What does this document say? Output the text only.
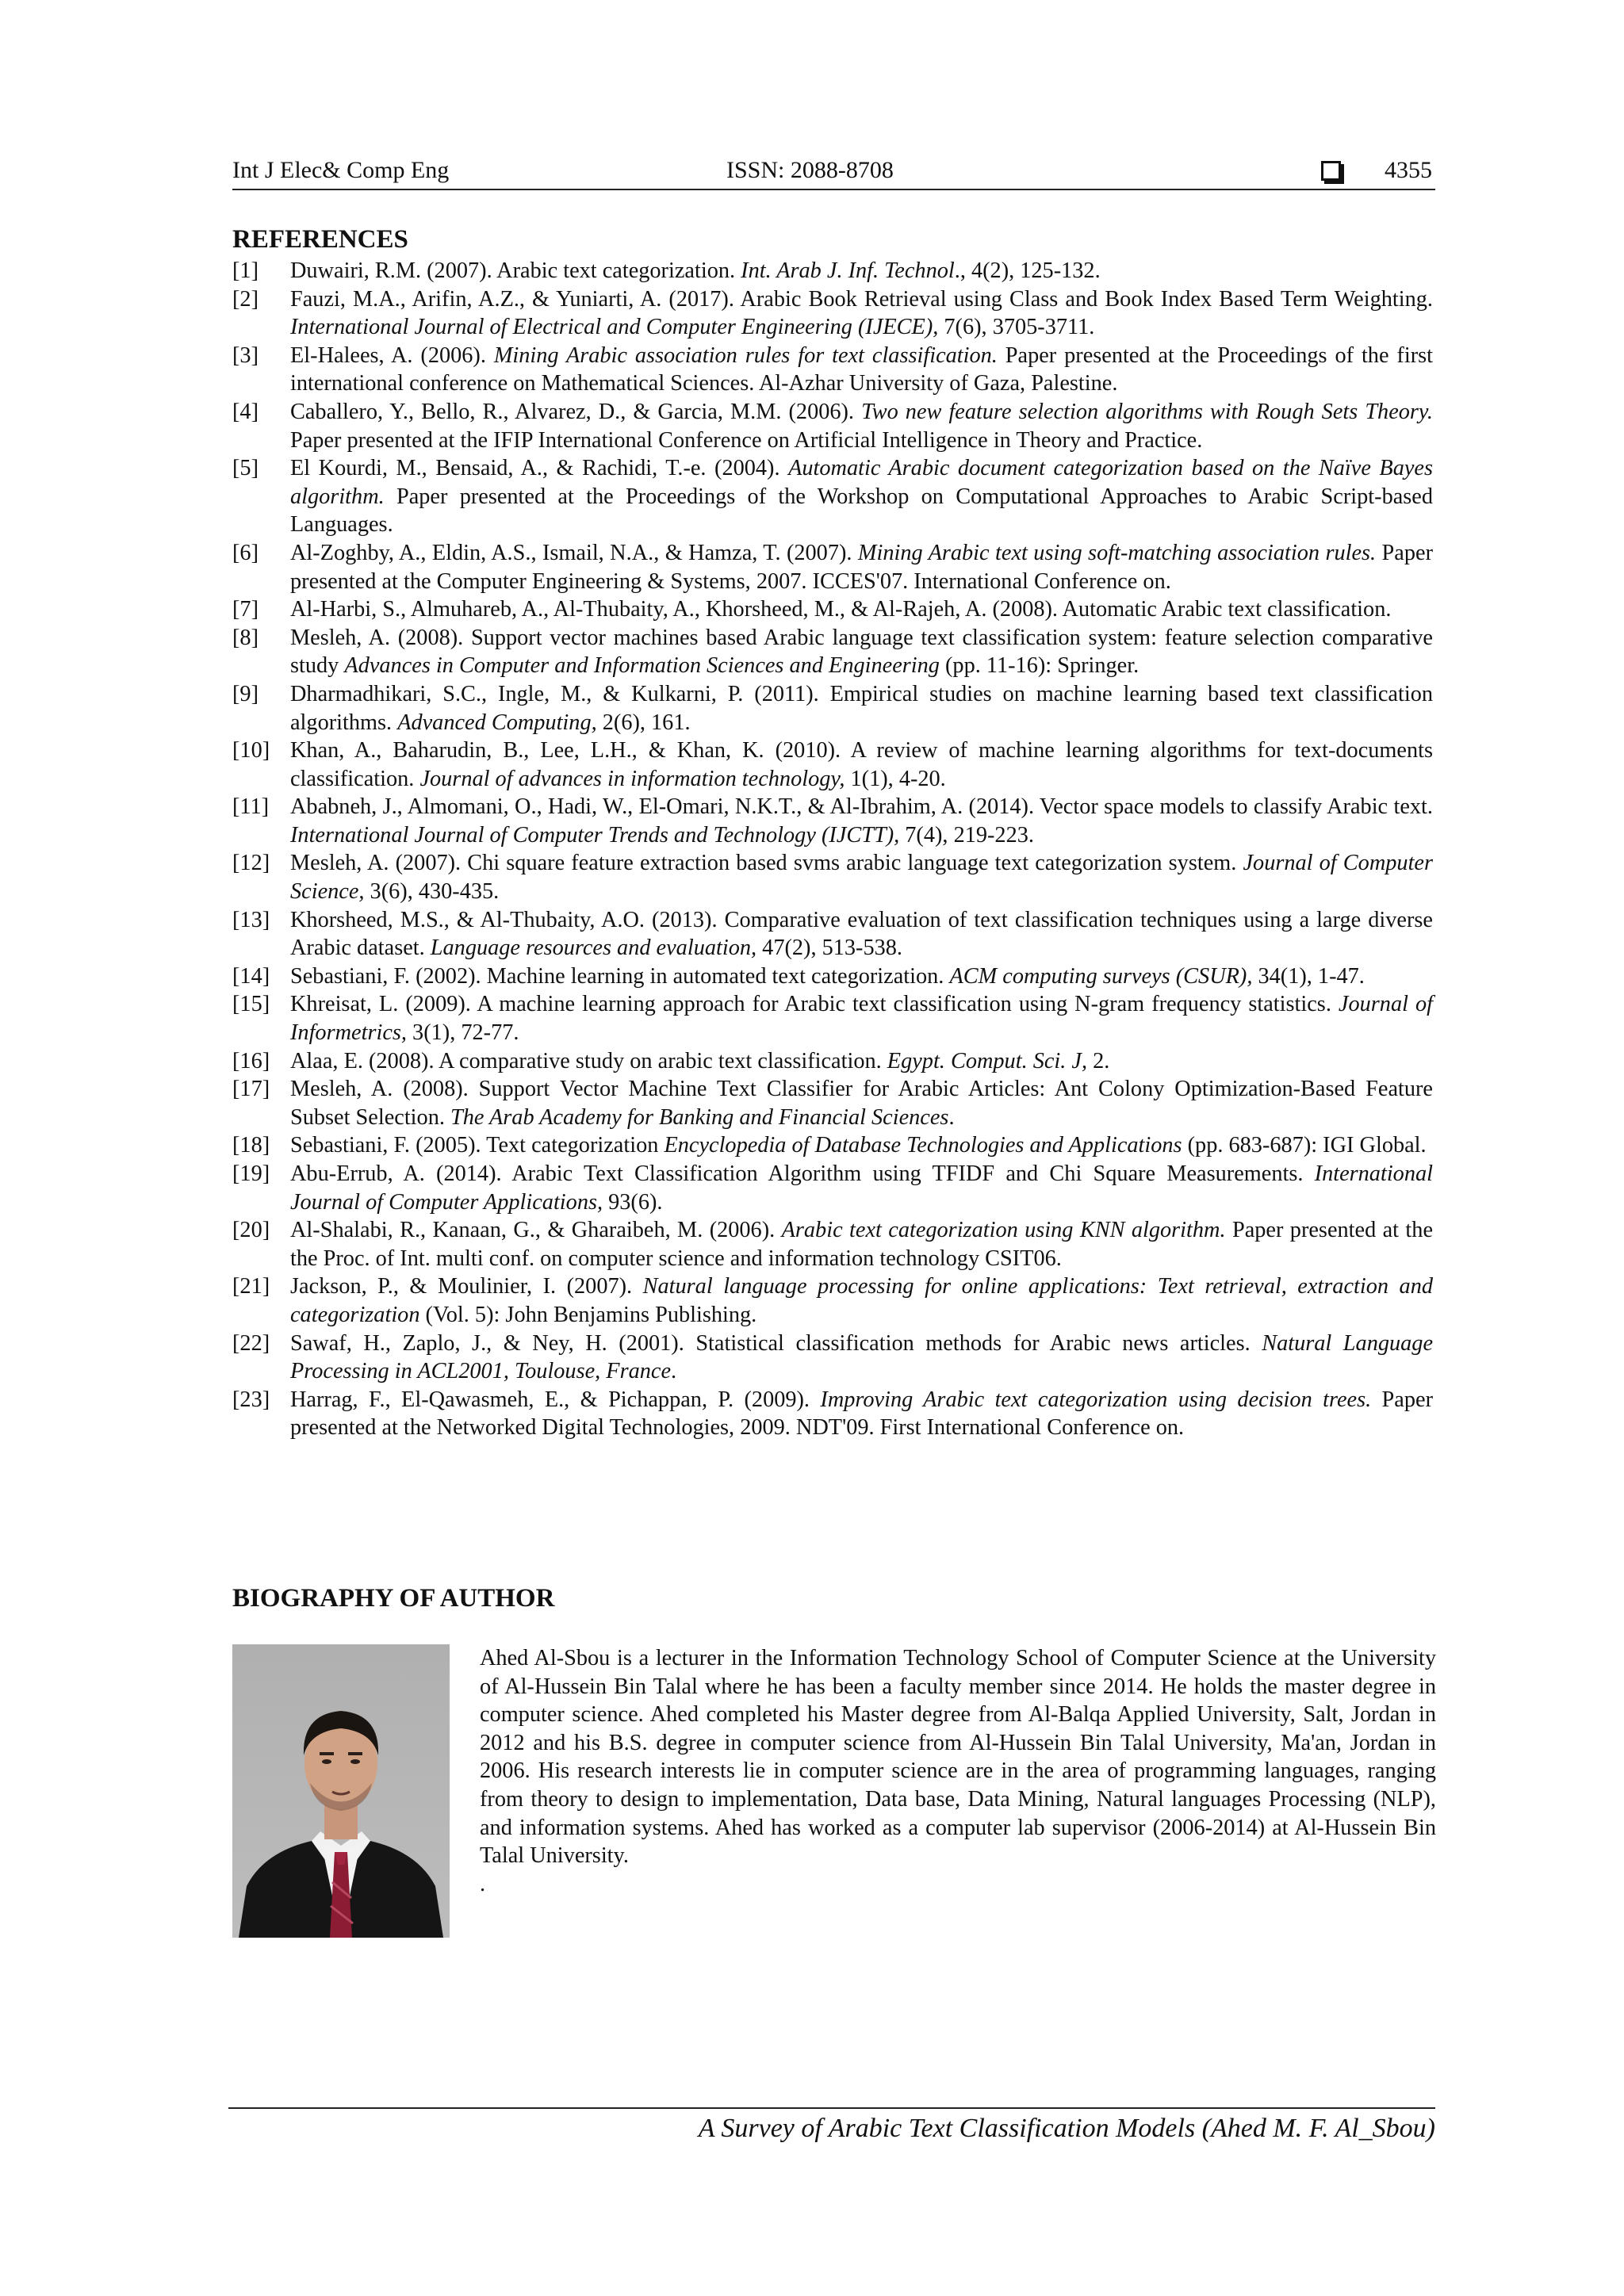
Int J Elec& Comp Eng	ISSN: 2088-8708	4355
REFERENCES
[1]	Duwairi, R.M. (2007). Arabic text categorization. Int. Arab J. Inf. Technol., 4(2), 125-132.
[2]	Fauzi, M.A., Arifin, A.Z., & Yuniarti, A. (2017). Arabic Book Retrieval using Class and Book Index Based Term Weighting. International Journal of Electrical and Computer Engineering (IJECE), 7(6), 3705-3711.
[3]	El-Halees, A. (2006). Mining Arabic association rules for text classification. Paper presented at the Proceedings of the first international conference on Mathematical Sciences. Al-Azhar University of Gaza, Palestine.
[4]	Caballero, Y., Bello, R., Alvarez, D., & Garcia, M.M. (2006). Two new feature selection algorithms with Rough Sets Theory. Paper presented at the IFIP International Conference on Artificial Intelligence in Theory and Practice.
[5]	El Kourdi, M., Bensaid, A., & Rachidi, T.-e. (2004). Automatic Arabic document categorization based on the Naïve Bayes algorithm. Paper presented at the Proceedings of the Workshop on Computational Approaches to Arabic Script-based Languages.
[6]	Al-Zoghby, A., Eldin, A.S., Ismail, N.A., & Hamza, T. (2007). Mining Arabic text using soft-matching association rules. Paper presented at the Computer Engineering & Systems, 2007. ICCES'07. International Conference on.
[7]	Al-Harbi, S., Almuhareb, A., Al-Thubaity, A., Khorsheed, M., & Al-Rajeh, A. (2008). Automatic Arabic text classification.
[8]	Mesleh, A. (2008). Support vector machines based Arabic language text classification system: feature selection comparative study Advances in Computer and Information Sciences and Engineering (pp. 11-16): Springer.
[9]	Dharmadhikari, S.C., Ingle, M., & Kulkarni, P. (2011). Empirical studies on machine learning based text classification algorithms. Advanced Computing, 2(6), 161.
[10] Khan, A., Baharudin, B., Lee, L.H., & Khan, K. (2010). A review of machine learning algorithms for text-documents classification. Journal of advances in information technology, 1(1), 4-20.
[11] Ababneh, J., Almomani, O., Hadi, W., El-Omari, N.K.T., & Al-Ibrahim, A. (2014). Vector space models to classify Arabic text. International Journal of Computer Trends and Technology (IJCTT), 7(4), 219-223.
[12] Mesleh, A. (2007). Chi square feature extraction based svms arabic language text categorization system. Journal of Computer Science, 3(6), 430-435.
[13] Khorsheed, M.S., & Al-Thubaity, A.O. (2013). Comparative evaluation of text classification techniques using a large diverse Arabic dataset. Language resources and evaluation, 47(2), 513-538.
[14] Sebastiani, F. (2002). Machine learning in automated text categorization. ACM computing surveys (CSUR), 34(1), 1-47.
[15] Khreisat, L. (2009). A machine learning approach for Arabic text classification using N-gram frequency statistics. Journal of Informetrics, 3(1), 72-77.
[16] Alaa, E. (2008). A comparative study on arabic text classification. Egypt. Comput. Sci. J, 2.
[17] Mesleh, A. (2008). Support Vector Machine Text Classifier for Arabic Articles: Ant Colony Optimization-Based Feature Subset Selection. The Arab Academy for Banking and Financial Sciences.
[18] Sebastiani, F. (2005). Text categorization Encyclopedia of Database Technologies and Applications (pp. 683-687): IGI Global.
[19] Abu-Errub, A. (2014). Arabic Text Classification Algorithm using TFIDF and Chi Square Measurements. International Journal of Computer Applications, 93(6).
[20] Al-Shalabi, R., Kanaan, G., & Gharaibeh, M. (2006). Arabic text categorization using KNN algorithm. Paper presented at the the Proc. of Int. multi conf. on computer science and information technology CSIT06.
[21] Jackson, P., & Moulinier, I. (2007). Natural language processing for online applications: Text retrieval, extraction and categorization (Vol. 5): John Benjamins Publishing.
[22] Sawaf, H., Zaplo, J., & Ney, H. (2001). Statistical classification methods for Arabic news articles. Natural Language Processing in ACL2001, Toulouse, France.
[23] Harrag, F., El-Qawasmeh, E., & Pichappan, P. (2009). Improving Arabic text categorization using decision trees. Paper presented at the Networked Digital Technologies, 2009. NDT'09. First International Conference on.
BIOGRAPHY OF AUTHOR
Ahed Al-Sbou is a lecturer in the Information Technology School of Computer Science at the University of Al-Hussein Bin Talal where he has been a faculty member since 2014. He holds the master degree in computer science. Ahed completed his Master degree from Al-Balqa Applied University, Salt, Jordan in 2012 and his B.S. degree in computer science from Al-Hussein Bin Talal University, Ma'an, Jordan in 2006. His research interests lie in computer science are in the area of programming languages, ranging from theory to design to implementation, Data base, Data Mining, Natural languages Processing (NLP), and information systems. Ahed has worked as a computer lab supervisor (2006-2014) at Al-Hussein Bin Talal University.
.
A Survey of Arabic Text Classification Models (Ahed M. F. Al_Sbou)
